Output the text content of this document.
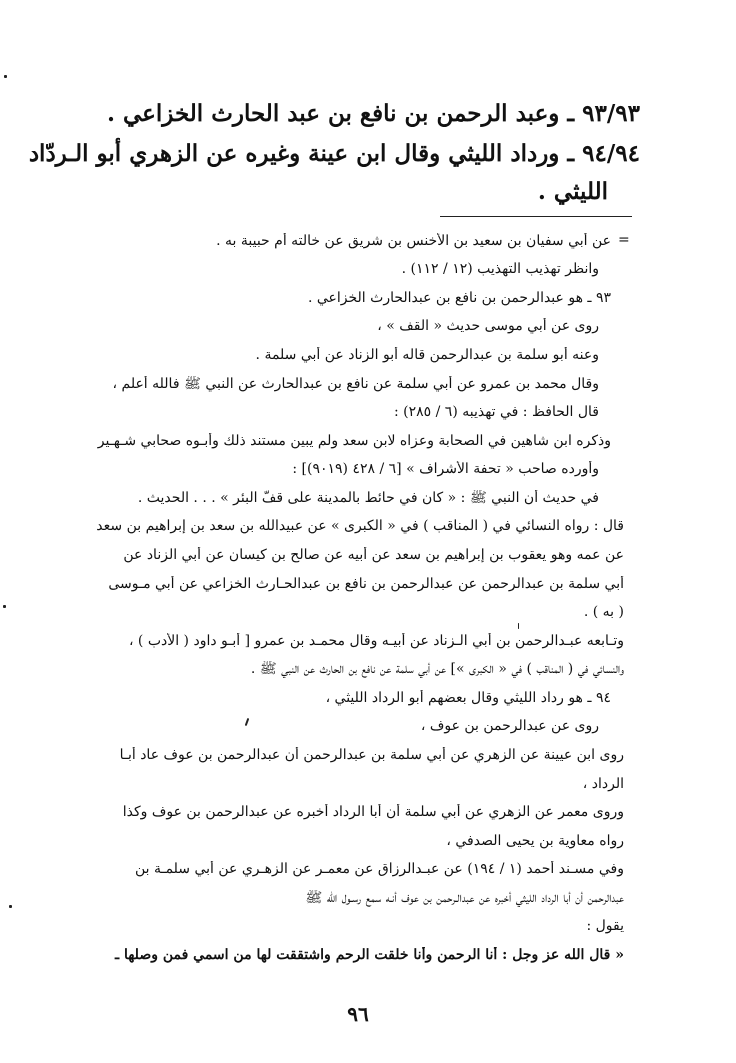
٩٣/٩٣ ـ وعبد الرحمن بن نافع بن عبد الحارث الخزاعي .
٩٤/٩٤ ـ ورداد الليثي وقال ابن عينة وغيره عن الزهري أبو الـردّاد
الليثي .
=
عن أبي سفيان بن سعيد بن الأخنس بن شريق عن خالته أم حبيبة به .
وانظر تهذيب التهذيب (١٢ / ١١٢) .
٩٣ ـ هو عبدالرحمن بن نافع بن عبدالحارث الخزاعي .
روى عن أبي موسى حديث « القف » ،
وعنه أبو سلمة بن عبدالرحمن قاله أبو الزناد عن أبي سلمة .
وقال محمد بن عمرو عن أبي سلمة عن نافع بن عبدالحارث عن النبي ﷺ فالله أعلم ،
قال الحافظ : في تهذيبه (٦ / ٢٨٥) :
وذكره ابن شاهين في الصحابة وعزاه لابن سعد ولم يبين مستند ذلك وأبـوه صحابي شـهـير
وأورده صاحب « تحفة الأشراف » [٦ / ٤٢٨ (٩٠١٩)] :
في حديث أن النبي ﷺ : « كان في حائط بالمدينة على قفّ البئر » . . . الحديث .
قال : رواه النسائي في ( المناقب ) في « الكبرى » عن عبيدالله بن سعد بن إبراهيم بن سعد
عن عمه وهو يعقوب بن إبراهيم بن سعد عن أبيه عن صالح بن كيسان عن أبي الزناد عن
أبي سلمة بن عبدالرحمن عن عبدالرحمن بن نافع بن عبدالحـارث الخزاعي عن أبي مـوسى
( به ) .
وتـابعه عبـدالرحمن بن أبي الـزناد عن أبيـه وقال محمـد بن عمرو [ أبـو داود ( الأدب ) ،
والنسائي في ( المناقب ) في « الكبرى »] عن أبي سلمة عن نافع بن الحارث عن النبي ﷺ .
٩٤ ـ هو رداد الليثي وقال بعضهم أبو الرداد الليثي ،
روى عن عبدالرحمن بن عوف ،
روى ابن عيينة عن الزهري عن أبي سلمة بن عبدالرحمن أن عبدالرحمن بن عوف عاد أبـا
الرداد ،
وروى معمر عن الزهري عن أبي سلمة أن أبا الرداد أخبره عن عبدالرحمن بن عوف وكذا
رواه معاوية بن يحيى الصدفي ،
وفي مسـند أحمد (١ / ١٩٤) عن عبـدالرزاق عن معمـر عن الزهـري عن أبي سلمـة بن
عبدالرحمن أن أبا الرداد الليثي أخبره عن عبدالـرحمن بن عوف أنـه سمع رسـول الله ﷺ
يقول :
« قال الله عز وجل : أنا الرحمن وأنا خلقت الرحم واشتققت لها من اسمي فمن وصلها ـ
٩٦
